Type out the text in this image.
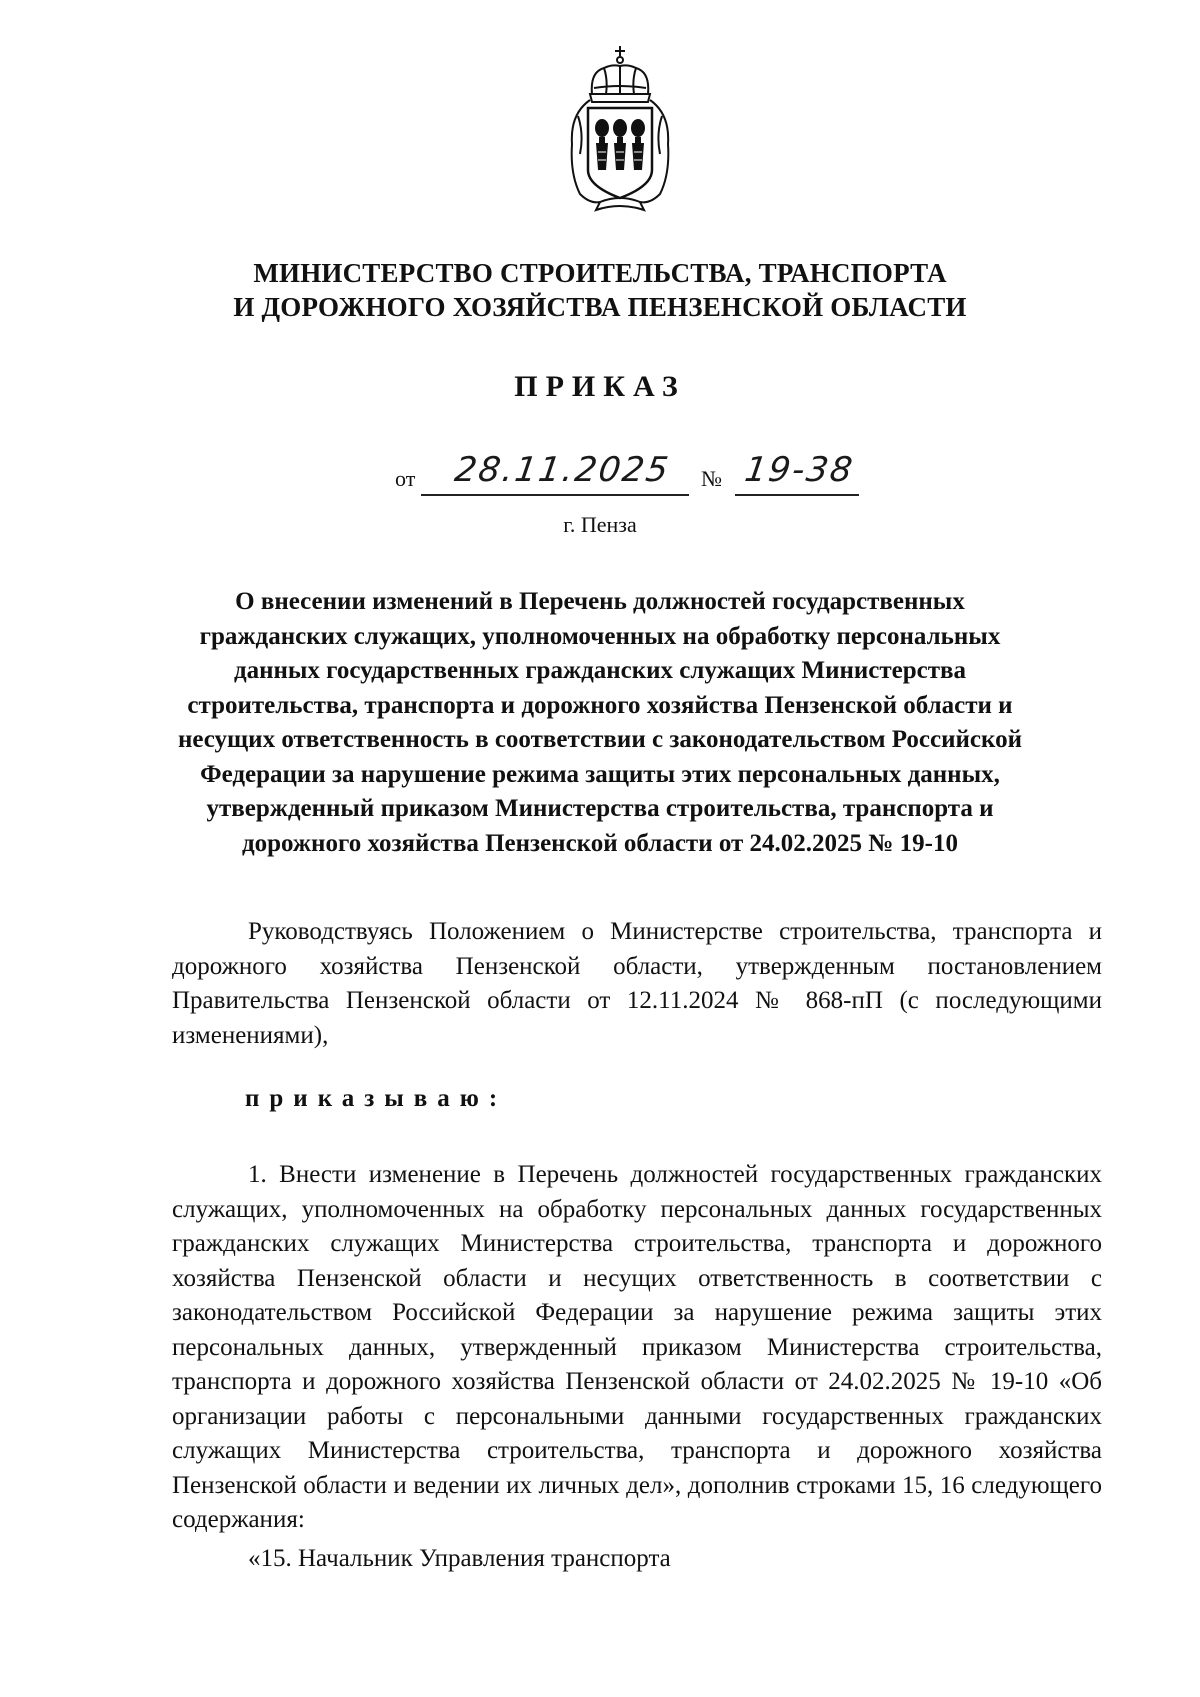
МИНИСТЕРСТВО СТРОИТЕЛЬСТВА, ТРАНСПОРТА
И ДОРОЖНОГО ХОЗЯЙСТВА ПЕНЗЕНСКОЙ ОБЛАСТИ
ПРИКАЗ
от 28.11.2025 № 19-38
г. Пенза
О внесении изменений в Перечень должностей государственных гражданских служащих, уполномоченных на обработку персональных данных государственных гражданских служащих Министерства строительства, транспорта и дорожного хозяйства Пензенской области и несущих ответственность в соответствии с законодательством Российской Федерации за нарушение режима защиты этих персональных данных, утвержденный приказом Министерства строительства, транспорта и дорожного хозяйства Пензенской области от 24.02.2025 № 19-10
Руководствуясь Положением о Министерстве строительства, транспорта и дорожного хозяйства Пензенской области, утвержденным постановлением Правительства Пензенской области от 12.11.2024 № 868-пП (с последующими изменениями),
приказываю:
1. Внести изменение в Перечень должностей государственных гражданских служащих, уполномоченных на обработку персональных данных государственных гражданских служащих Министерства строительства, транспорта и дорожного хозяйства Пензенской области и несущих ответственность в соответствии с законодательством Российской Федерации за нарушение режима защиты этих персональных данных, утвержденный приказом Министерства строительства, транспорта и дорожного хозяйства Пензенской области от 24.02.2025 № 19-10 «Об организации работы с персональными данными государственных гражданских служащих Министерства строительства, транспорта и дорожного хозяйства Пензенской области и ведении их личных дел», дополнив строками 15, 16 следующего содержания:
«15. Начальник Управления транспорта
